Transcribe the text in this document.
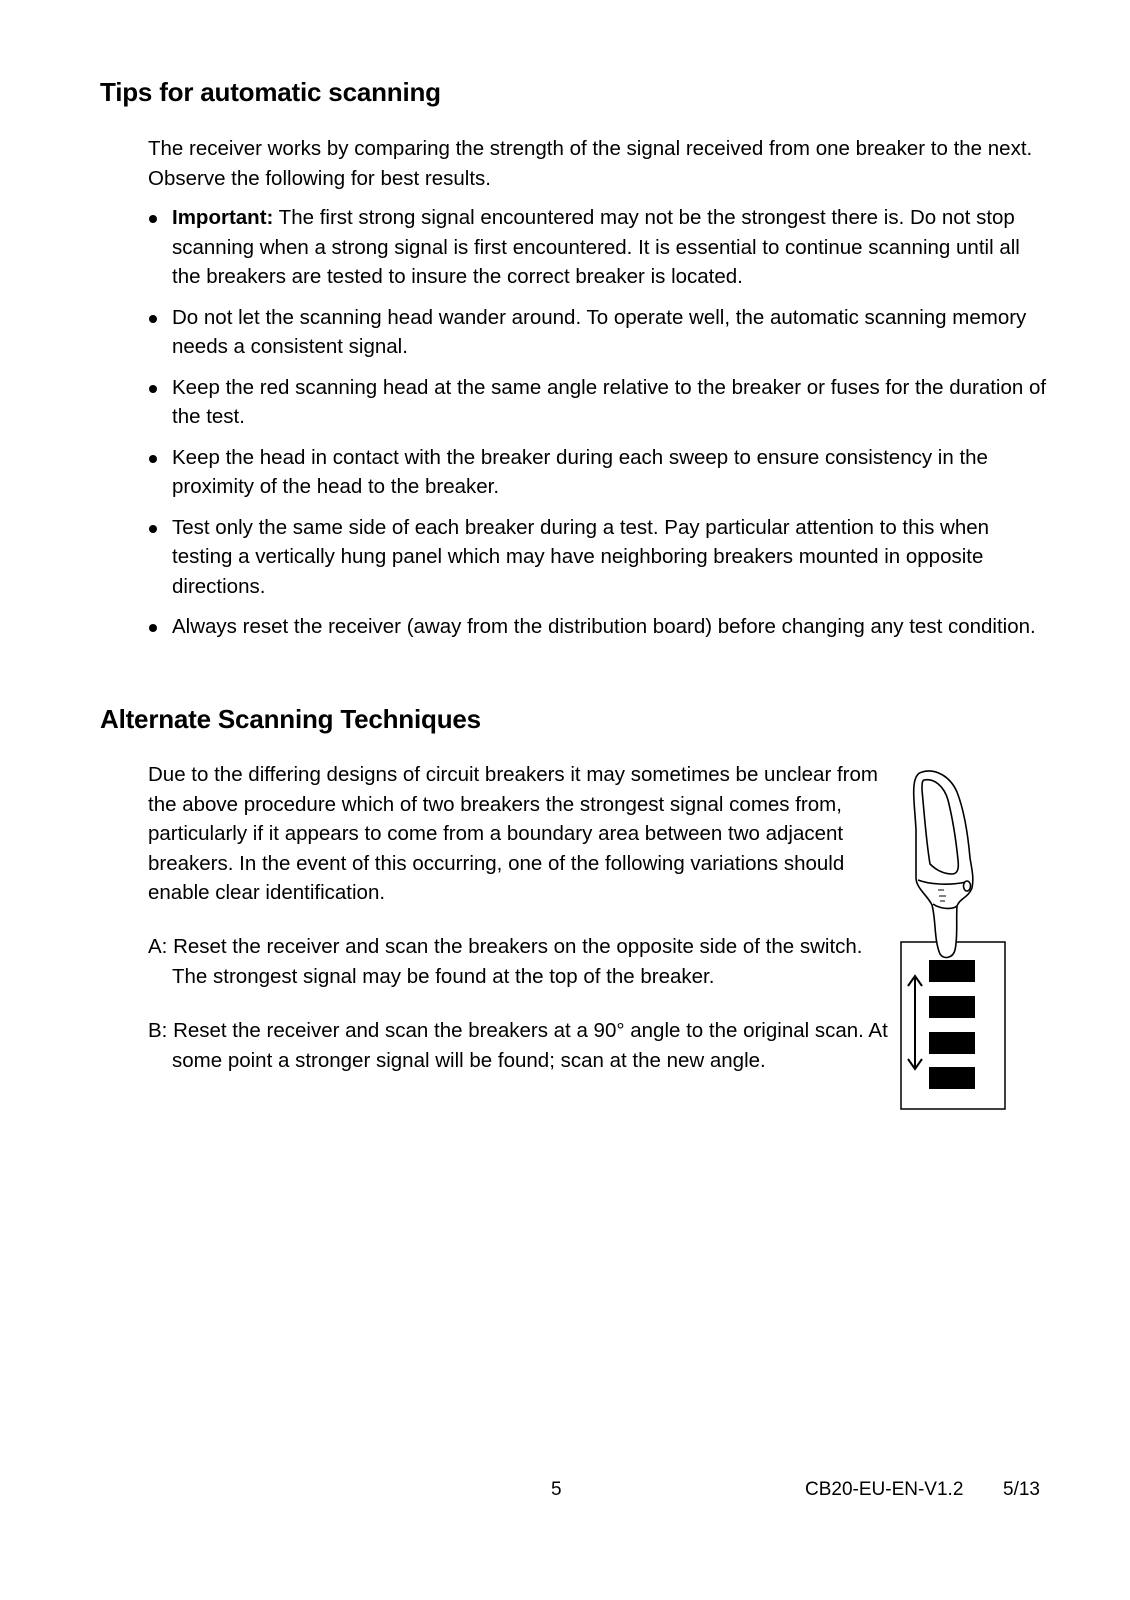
Tips for automatic scanning

The receiver works by comparing the strength of the signal received from one breaker to the next. Observe the following for best results.

Important: The first strong signal encountered may not be the strongest there is. Do not stop scanning when a strong signal is first encountered. It is essential to continue scanning until all the breakers are tested to insure the correct breaker is located.
Do not let the scanning head wander around. To operate well, the automatic scanning memory needs a consistent signal.
Keep the red scanning head at the same angle relative to the breaker or fuses for the duration of the test.
Keep the head in contact with the breaker during each sweep to ensure consistency in the proximity of the head to the breaker.
Test only the same side of each breaker during a test. Pay particular attention to this when testing a vertically hung panel which may have neighboring breakers mounted in opposite directions.
Always reset the receiver (away from the distribution board) before changing any test condition.
Alternate Scanning Techniques

Due to the differing designs of circuit breakers it may sometimes be unclear from the above procedure which of two breakers the strongest signal comes from, particularly if it appears to come from a boundary area between two adjacent breakers. In the event of this occurring, one of the following variations should enable clear identification.

A: Reset the receiver and scan the breakers on the opposite side of the switch. The strongest signal may be found at the top of the breaker.

B: Reset the receiver and scan the breakers at a 90° angle to the original scan. At some point a stronger signal will be found; scan at the new angle.

5	CB20-EU-EN-V1.2 5/13
